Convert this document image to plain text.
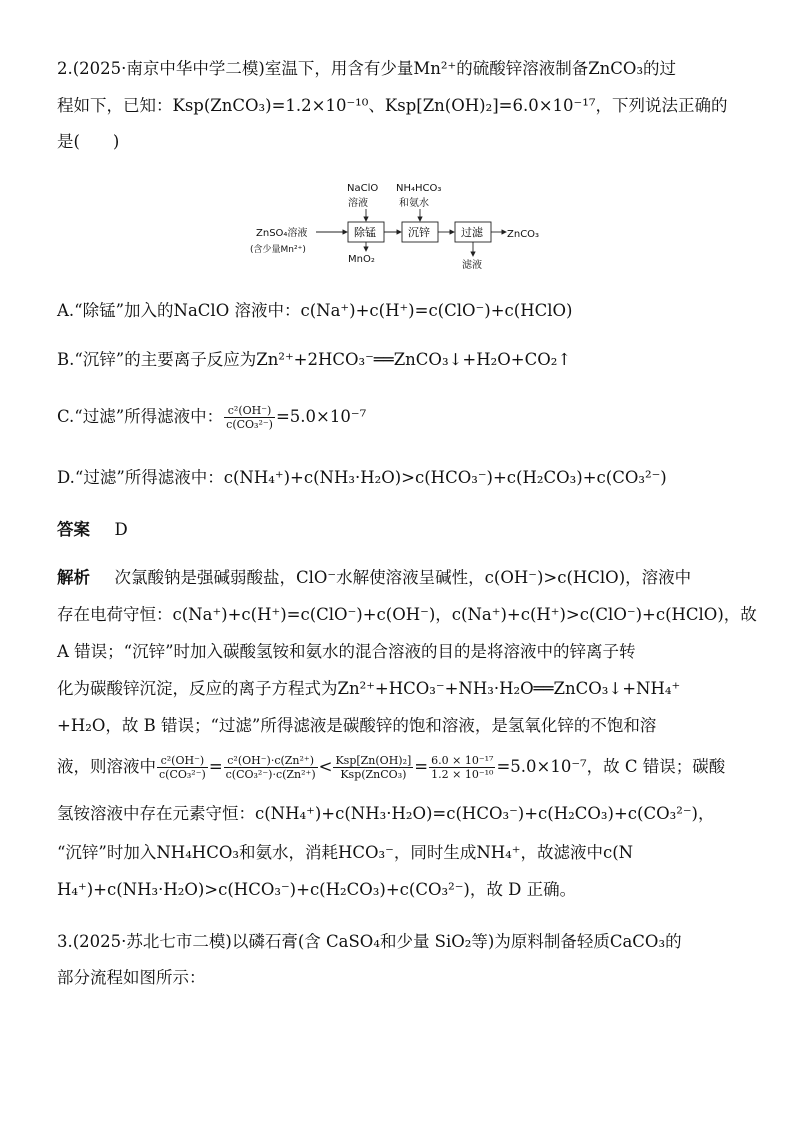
2.(2025·南京中华中学二模)室温下，用含有少量Mn²⁺的硫酸锌溶液制备ZnCO₃的过
程如下，已知：Ksp(ZnCO₃)=1.2×10⁻¹⁰、Ksp[Zn(OH)₂]=6.0×10⁻¹⁷，下列说法正确的
是(　　)
NaClO
溶液
NH₄HCO₃
和氨水
ZnSO₄溶液
(含少量Mn²⁺)
ZnCO₃
MnO₂
滤液
除锰	沉锌	过滤
A.“除锰”加入的NaClO 溶液中：c(Na⁺)+c(H⁺)=c(ClO⁻)+c(HClO)
B.“沉锌”的主要离子反应为Zn²⁺+2HCO₃⁻══ZnCO₃↓+H₂O+CO₂↑
C.“过滤”所得滤液中： $\frac{\text{c²(OH⁻)}}{\text{c(CO₃²⁻)}} =5.0\times 10^{-7}$
D.“过滤”所得滤液中：c(NH₄⁺)+c(NH₃·H₂O)>c(HCO₃⁻)+c(H₂CO₃)+c(CO₃²⁻)
答案 D
解析 次氯酸钠是强碱弱酸盐，ClO⁻水解使溶液呈碱性，c(OH⁻)>c(HClO)，溶液中
存在电荷守恒：c(Na⁺)+c(H⁺)=c(ClO⁻)+c(OH⁻)，c(Na⁺)+c(H⁺)>c(ClO⁻)+c(HClO)，故
A 错误；“沉锌”时加入碳酸氢铵和氨水的混合溶液的目的是将溶液中的锌离子转
化为碳酸锌沉淀，反应的离子方程式为Zn²⁺+HCO₃⁻+NH₃·H₂O══ZnCO₃↓+NH₄⁺
+H₂O，故 B 错误；“过滤”所得滤液是碳酸锌的饱和溶液，是氢氧化锌的不饱和溶
液，则溶液中 $\frac{\text{c²(OH⁻)}}{\text{c(CO₃²⁻)}} = \frac{\text{c²(OH⁻)·c(Zn²⁺)}}{\text{c(CO₃²⁻)·c(Zn²⁺)}} < \frac{\text{Ksp[Zn(OH)₂]}}{\text{Ksp(ZnCO₃)}} = \frac{\text{6.0 × 10⁻¹⁷}}{\text{1.2 × 10⁻¹⁰}} =5.0\times 10^{-7}$，故 C 错误；碳酸
氢铵溶液中存在元素守恒：c(NH₄⁺)+c(NH₃·H₂O)=c(HCO₃⁻)+c(H₂CO₃)+c(CO₃²⁻)，
“沉锌”时加入NH₄HCO₃和氨水，消耗HCO₃⁻，同时生成NH₄⁺，故滤液中c(N
H₄⁺)+c(NH₃·H₂O)>c(HCO₃⁻)+c(H₂CO₃)+c(CO₃²⁻)，故 D 正确。
3.(2025·苏北七市二模)以磷石膏(含 CaSO₄和少量 SiO₂等)为原料制备轻质CaCO₃的
部分流程如图所示：
